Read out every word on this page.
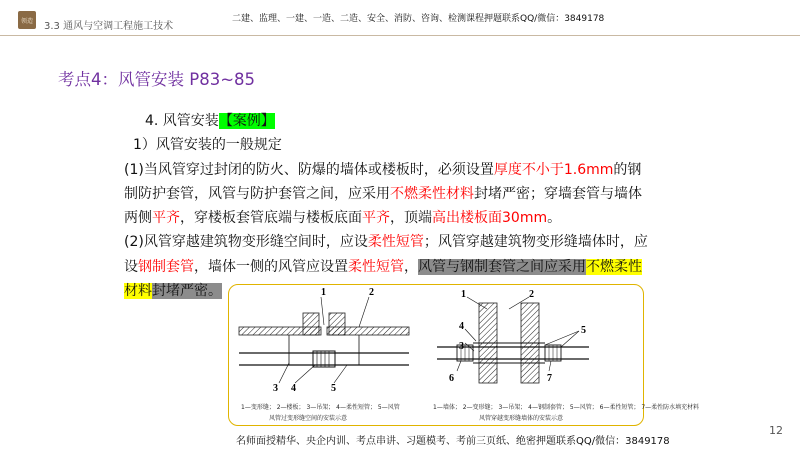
领造 3.3 通风与空调工程施工技术
二建、监理、一建、一造、二造、安全、消防、咨询、检测课程押题联系QQ/微信：3849178
考点4：风管安装 P83~85

4. 风管安装【案例】

1）风管安装的一般规定

(1)当风管穿过封闭的防火、防爆的墙体或楼板时，必须设置厚度不小于1.6mm的钢制防护套管，风管与防护套管之间，应采用不燃柔性材料封堵严密；穿墙套管与墙体两侧平齐，穿楼板套管底端与楼板底面平齐，顶端高出楼板面30mm。

(2)风管穿越建筑物变形缝空间时，应设柔性短管；风管穿越建筑物变形缝墙体时，应设钢制套管，墙体一侧的风管应设置柔性短管，风管与钢制套管之间应采用不燃柔性材料封堵严密。	1	2
3 4	5
1—变形缝； 2—楼板； 3—吊架； 4—柔性短管； 5—风管
风管过变形缝空间的安装示意
1	2
3
4	5
6	7
1—墙体； 2—变形缝； 3—吊架； 4—钢制套管； 5—风管； 6—柔性短管； 7—柔性防水填充材料
风管穿越变形缝墙体的安装示意
名师面授精华、央企内训、考点串讲、习题模考、考前三页纸、绝密押题联系QQ/微信：3849178
12
